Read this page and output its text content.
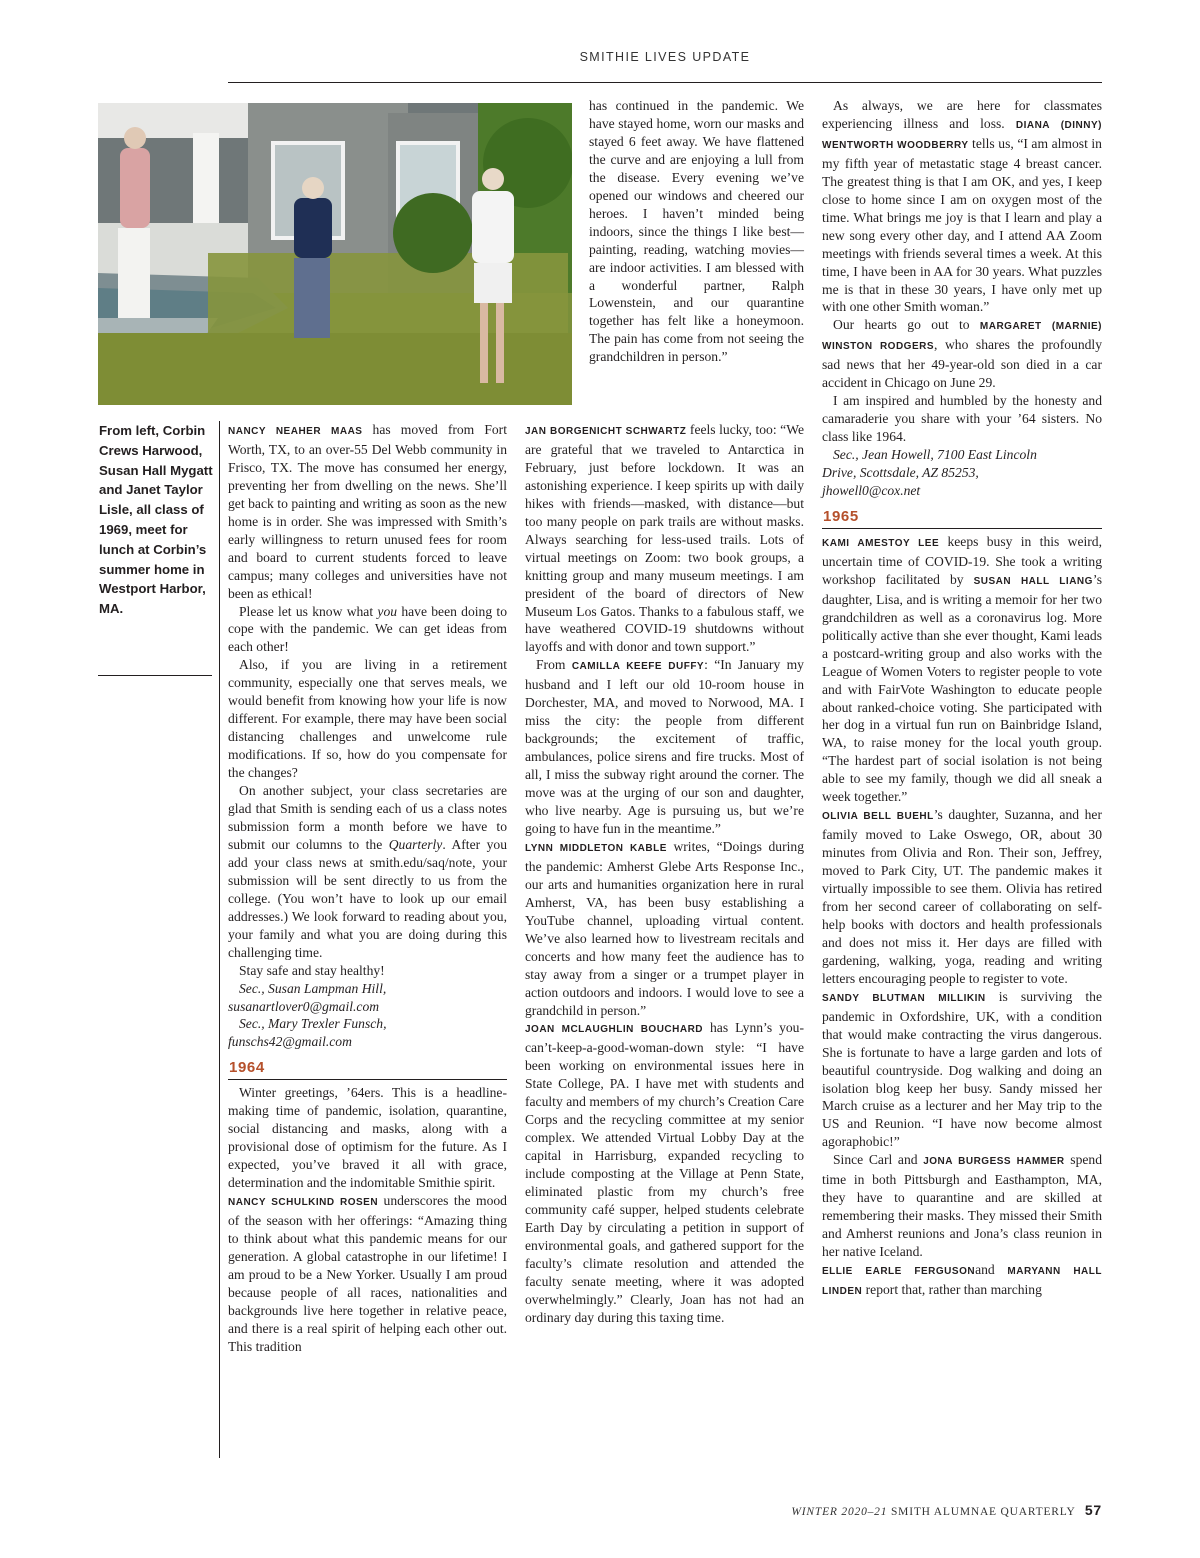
SMITHIE LIVES UPDATE
From left, Corbin Crews Harwood, Susan Hall Mygatt and Janet Taylor Lisle, all class of 1969, meet for lunch at Corbin’s summer home in Westport Harbor, MA.

NANCY NEAHER MAAS has moved from Fort Worth, TX, to an over-55 Del Webb community in Frisco, TX. The move has consumed her energy, preventing her from dwelling on the news. She’ll get back to painting and writing as soon as the new home is in order. She was impressed with Smith’s early willingness to return unused fees for room and board to current students forced to leave campus; many colleges and universities have not been as ethical!

Please let us know what you have been doing to cope with the pandemic. We can get ideas from each other!

Also, if you are living in a retirement community, especially one that serves meals, we would benefit from knowing how your life is now different. For example, there may have been social distancing challenges and unwelcome rule modifications. If so, how do you compensate for the changes?

On another subject, your class secretaries are glad that Smith is sending each of us a class notes submission form a month before we have to submit our columns to the Quarterly. After you add your class news at smith.edu/saq/note, your submission will be sent directly to us from the college. (You won’t have to look up our email addresses.) We look forward to reading about you, your family and what you are doing during this challenging time.

Stay safe and stay healthy!

Sec., Susan Lampman Hill,

susanartlover0@gmail.com

Sec., Mary Trexler Funsch,

funschs42@gmail.com

1964

Winter greetings, ’64ers. This is a headline-making time of pandemic, isolation, quarantine, social distancing and masks, along with a provisional dose of optimism for the future. As I expected, you’ve braved it all with grace, determination and the indomitable Smithie spirit.

NANCY SCHULKIND ROSEN underscores the mood of the season with her offerings: “Amazing thing to think about what this pandemic means for our generation. A global catastrophe in our lifetime! I am proud to be a New Yorker. Usually I am proud because people of all races, nationalities and backgrounds live here together in relative peace, and there is a real spirit of helping each other out. This tradition

has continued in the pandemic. We have stayed home, worn our masks and stayed 6 feet away. We have flattened the curve and are enjoying a lull from the disease. Every evening we’ve opened our windows and cheered our heroes. I haven’t minded being indoors, since the things I like best—painting, reading, watching movies—are indoor activities. I am blessed with a wonderful partner, Ralph Lowenstein, and our quarantine together has felt like a honeymoon. The pain has come from not seeing the grandchildren in person.”

JAN BORGENICHT SCHWARTZ feels lucky, too: “We are grateful that we traveled to Antarctica in February, just before lockdown. It was an astonishing experience. I keep spirits up with daily hikes with friends—masked, with distance—but too many people on park trails are without masks. Always searching for less-used trails. Lots of virtual meetings on Zoom: two book groups, a knitting group and many museum meetings. I am president of the board of directors of New Museum Los Gatos. Thanks to a fabulous staff, we have weathered COVID-19 shutdowns without layoffs and with donor and town support.”

From CAMILLA KEEFE DUFFY: “In January my husband and I left our old 10-room house in Dorchester, MA, and moved to Norwood, MA. I miss the city: the people from different backgrounds; the excitement of traffic, ambulances, police sirens and fire trucks. Most of all, I miss the subway right around the corner. The move was at the urging of our son and daughter, who live nearby. Age is pursuing us, but we’re going to have fun in the meantime.”

LYNN MIDDLETON KABLE writes, “Doings during the pandemic: Amherst Glebe Arts Response Inc., our arts and humanities organization here in rural Amherst, VA, has been busy establishing a YouTube channel, uploading virtual content. We’ve also learned how to livestream recitals and concerts and how many feet the audience has to stay away from a singer or a trumpet player in action outdoors and indoors. I would love to see a grandchild in person.”

JOAN MCLAUGHLIN BOUCHARD has Lynn’s you-can’t-keep-a-good-woman-down style: “I have been working on environmental issues here in State College, PA. I have met with students and faculty and members of my church’s Creation Care Corps and the recycling committee at my senior complex. We attended Virtual Lobby Day at the capital in Harrisburg, expanded recycling to include composting at the Village at Penn State, eliminated plastic from my church’s free community café supper, helped students celebrate Earth Day by circulating a petition in support of environmental goals, and gathered support for the faculty’s climate resolution and attended the faculty senate meeting, where it was adopted overwhelmingly.” Clearly, Joan has not had an ordinary day during this taxing time.

As always, we are here for classmates experiencing illness and loss. DIANA (DINNY) WENTWORTH WOODBERRY tells us, “I am almost in my fifth year of metastatic stage 4 breast cancer. The greatest thing is that I am OK, and yes, I keep close to home since I am on oxygen most of the time. What brings me joy is that I learn and play a new song every other day, and I attend AA Zoom meetings with friends several times a week. At this time, I have been in AA for 30 years. What puzzles me is that in these 30 years, I have only met up with one other Smith woman.”

Our hearts go out to MARGARET (MARNIE) WINSTON RODGERS, who shares the profoundly sad news that her 49-year-old son died in a car accident in Chicago on June 29.

I am inspired and humbled by the honesty and camaraderie you share with your ’64 sisters. No class like 1964.

Sec., Jean Howell, 7100 East Lincoln

Drive, Scottsdale, AZ 85253,

jhowell0@cox.net

1965

KAMI AMESTOY LEE keeps busy in this weird, uncertain time of COVID-19. She took a writing workshop facilitated by SUSAN HALL LIANG’s daughter, Lisa, and is writing a memoir for her two grandchildren as well as a coronavirus log. More politically active than she ever thought, Kami leads a postcard-writing group and also works with the League of Women Voters to register people to vote and with FairVote Washington to educate people about ranked-choice voting. She participated with her dog in a virtual fun run on Bainbridge Island, WA, to raise money for the local youth group. “The hardest part of social isolation is not being able to see my family, though we did all sneak a week together.”

OLIVIA BELL BUEHL’s daughter, Suzanna, and her family moved to Lake Oswego, OR, about 30 minutes from Olivia and Ron. Their son, Jeffrey, moved to Park City, UT. The pandemic makes it virtually impossible to see them. Olivia has retired from her second career of collaborating on self-help books with doctors and health professionals and does not miss it. Her days are filled with gardening, walking, yoga, reading and writing letters encouraging people to register to vote.

SANDY BLUTMAN MILLIKIN is surviving the pandemic in Oxfordshire, UK, with a condition that would make contracting the virus dangerous. She is fortunate to have a large garden and lots of beautiful countryside. Dog walking and doing an isolation blog keep her busy. Sandy missed her March cruise as a lecturer and her May trip to the US and Reunion. “I have now become almost agoraphobic!”

Since Carl and JONA BURGESS HAMMER spend time in both Pittsburgh and Easthampton, MA, they have to quarantine and are skilled at remembering their masks. They missed their Smith and Amherst reunions and Jona’s class reunion in her native Iceland.

ELLIE EARLE FERGUSONand MARYANN HALL LINDEN report that, rather than marching

WINTER 2020–21 SMITH ALUMNAE QUARTERLY 57
